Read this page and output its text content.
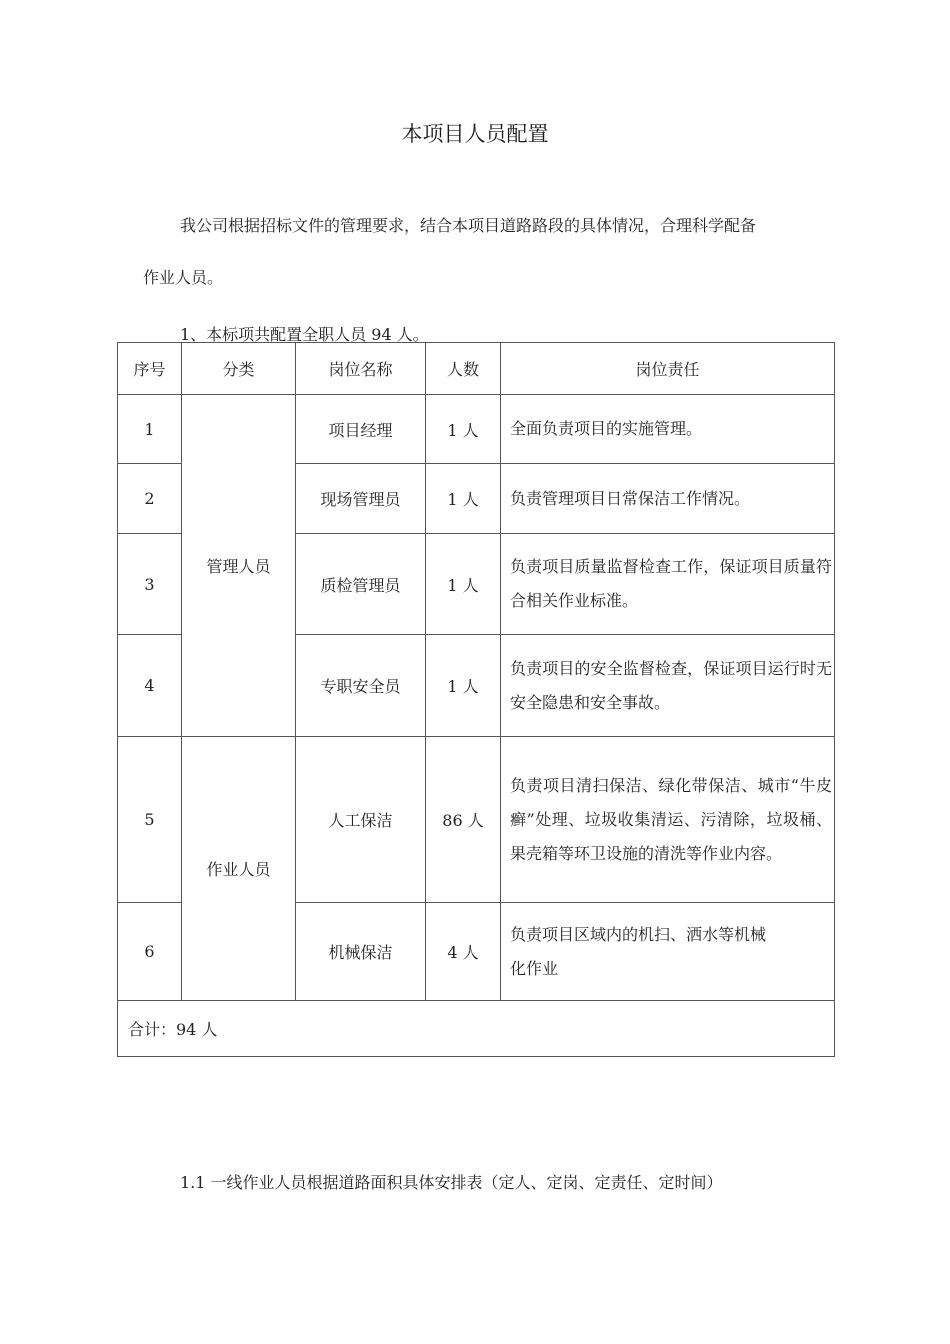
本项目人员配置
我公司根据招标文件的管理要求，结合本项目道路路段的具体情况，合理科学配备
作业人员。
1、本标项共配置全职人员 94 人。
序号	分类	岗位名称	人数	岗位责任
1	管理人员	项目经理	1 人	全面负责项目的实施管理。
2		现场管理员	1 人	负责管理项目日常保洁工作情况。
3		质检管理员	1 人	负责项目质量监督检查工作，保证项目质量符合相关作业标准。
4		专职安全员	1 人	负责项目的安全监督检查，保证项目运行时无安全隐患和安全事故。
5	作业人员	人工保洁	86 人	负责项目清扫保洁、绿化带保洁、城市“牛皮癣”处理、垃圾收集清运、污清除，垃圾桶、果壳箱等环卫设施的清洗等作业内容。
6		机械保洁	4 人	负责项目区域内的机扫、洒水等机械
化作业

合计：94 人				
1.1 一线作业人员根据道路面积具体安排表（定人、定岗、定责任、定时间）
